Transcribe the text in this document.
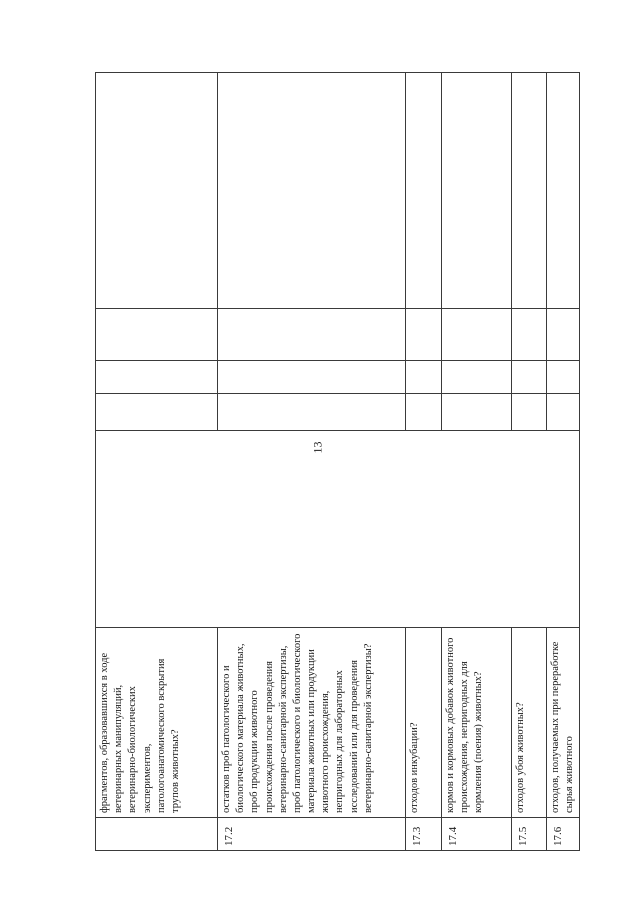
13
	фрагментов, образовавшихся в ходе ветеринарных манипуляций, ветеринарно-биологических экспериментов, патологоанатомического вскрытия трупов животных?					
17.2	остатков проб патологического и биологического материала животных, проб продукции животного происхождения после проведения ветеринарно-санитарной экспертизы, проб патологического и биологического материала животных или продукции животного происхождения, непригодных для лабораторных исследований или для проведения ветеринарно-санитарной экспертизы?					
17.3	отходов инкубации?					
17.4	кормов и кормовых добавок животного происхождения, непригодных для кормления (поения) животных?					
17.5	отходов убоя животных?					
17.6	отходов, получаемых при переработке сырья животного					
